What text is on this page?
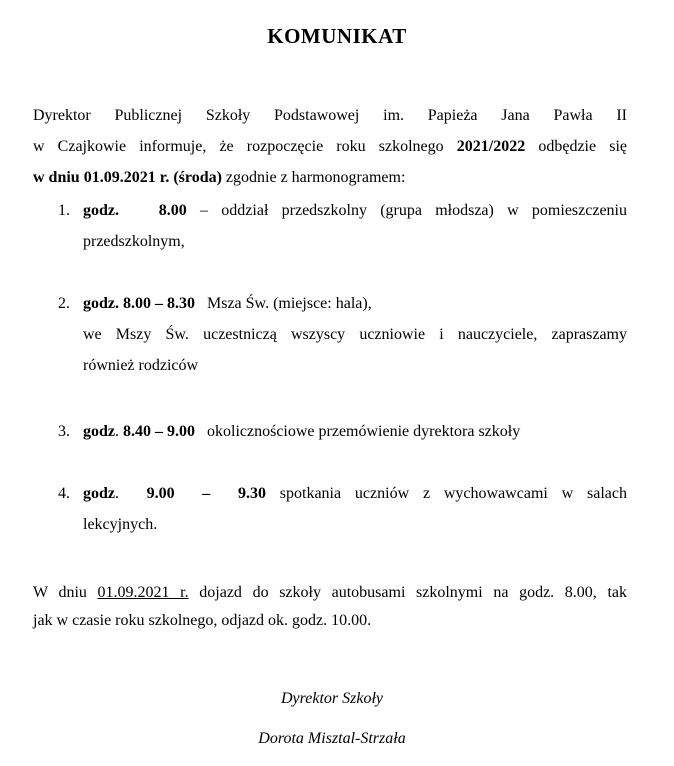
KOMUNIKAT
Dyrektor Publicznej Szkoły Podstawowej im. Papieża Jana Pawła II
w Czajkowie informuje, że rozpoczęcie roku szkolnego 2021/2022 odbędzie się
w dniu 01.09.2021 r. (środa) zgodnie z harmonogramem:
1. godz.   8.00 – oddział przedszkolny (grupa młodsza) w pomieszczeniu
przedszkolnym,
2. godz. 8.00 – 8.30   Msza Św. (miejsce: hala),
we Mszy Św. uczestniczą wszyscy uczniowie i nauczyciele, zapraszamy
również rodziców
3. godz. 8.40 – 9.00   okolicznościowe przemówienie dyrektora szkoły
4. godz.  9.00  –  9.30 spotkania uczniów z wychowawcami w salach
lekcyjnych.
W dniu 01.09.2021 r. dojazd do szkoły autobusami szkolnymi na godz. 8.00, tak
jak w czasie roku szkolnego, odjazd ok. godz. 10.00.
Dyrektor Szkoły
Dorota Misztal-Strzała
